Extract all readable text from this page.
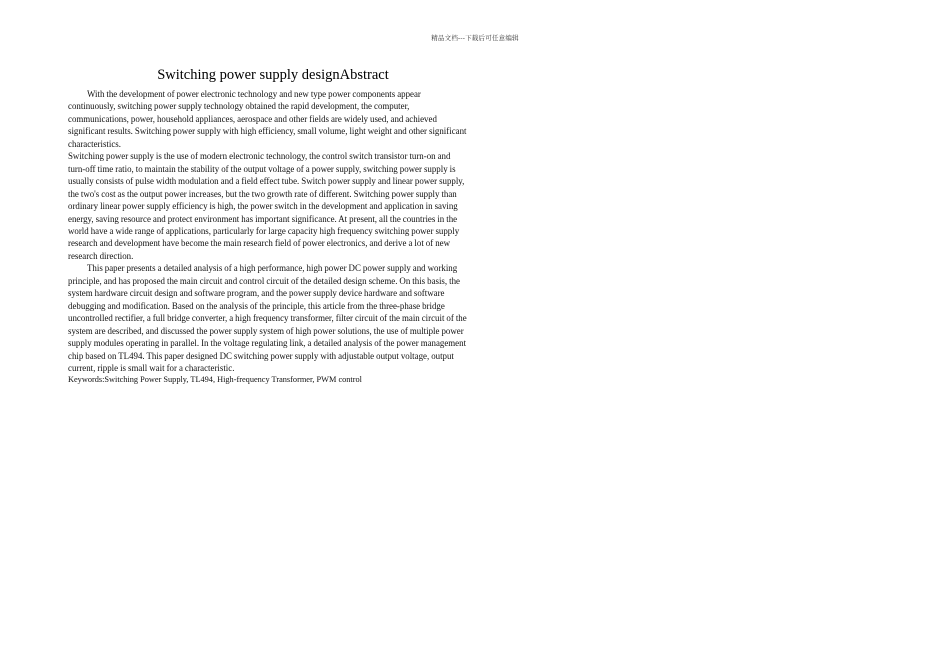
精品文档---下载后可任意编辑
Switching power supply designAbstract

With the development of power electronic technology and new type power components appear continuously, switching power supply technology obtained the rapid development, the computer, communications, power, household appliances, aerospace and other fields are widely used, and achieved significant results. Switching power supply with high efficiency, small volume, light weight and other significant characteristics.

Switching power supply is the use of modern electronic technology, the control switch transistor turn-on and turn-off time ratio, to maintain the stability of the output voltage of a power supply, switching power supply is usually consists of pulse width modulation and a field effect tube. Switch power supply and linear power supply, the two's cost as the output power increases, but the two growth rate of different. Switching power supply than ordinary linear power supply efficiency is high, the power switch in the development and application in saving energy, saving resource and protect environment has important significance. At present, all the countries in the world have a wide range of applications, particularly for large capacity high frequency switching power supply research and development have become the main research field of power electronics, and derive a lot of new research direction.

This paper presents a detailed analysis of a high performance, high power DC power supply and working principle, and has proposed the main circuit and control circuit of the detailed design scheme. On this basis, the system hardware circuit design and software program, and the power supply device hardware and software debugging and modification. Based on the analysis of the principle, this article from the three-phase bridge uncontrolled rectifier, a full bridge converter, a high frequency transformer, filter circuit of the main circuit of the system are described, and discussed the power supply system of high power solutions, the use of multiple power supply modules operating in parallel. In the voltage regulating link, a detailed analysis of the power management chip based on TL494. This paper designed DC switching power supply with adjustable output voltage, output current, ripple is small wait for a characteristic.

Keywords:Switching Power Supply, TL494, High-frequency Transformer, PWM control
